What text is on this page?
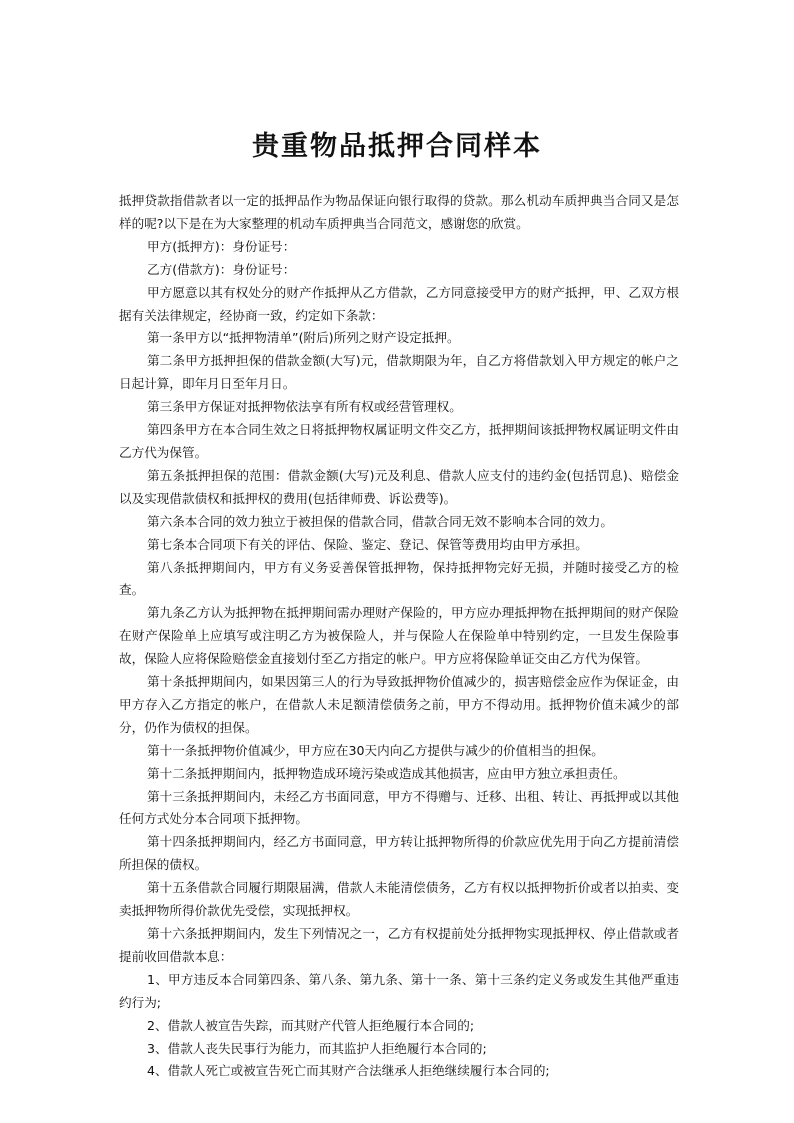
贵重物品抵押合同样本

抵押贷款指借款者以一定的抵押品作为物品保证向银行取得的贷款。那么机动车质押典当合同又是怎样的呢?以下是在为大家整理的机动车质押典当合同范文，感谢您的欣赏。

甲方(抵押方)：身份证号：

乙方(借款方)：身份证号：

甲方愿意以其有权处分的财产作抵押从乙方借款，乙方同意接受甲方的财产抵押，甲、乙双方根据有关法律规定，经协商一致，约定如下条款：

第一条甲方以“抵押物清单”(附后)所列之财产设定抵押。

第二条甲方抵押担保的借款金额(大写)元，借款期限为年，自乙方将借款划入甲方规定的帐户之日起计算，即年月日至年月日。

第三条甲方保证对抵押物依法享有所有权或经营管理权。

第四条甲方在本合同生效之日将抵押物权属证明文件交乙方，抵押期间该抵押物权属证明文件由乙方代为保管。

第五条抵押担保的范围：借款金额(大写)元及利息、借款人应支付的违约金(包括罚息)、赔偿金以及实现借款债权和抵押权的费用(包括律师费、诉讼费等)。

第六条本合同的效力独立于被担保的借款合同，借款合同无效不影响本合同的效力。

第七条本合同项下有关的评估、保险、鉴定、登记、保管等费用均由甲方承担。

第八条抵押期间内，甲方有义务妥善保管抵押物，保持抵押物完好无损，并随时接受乙方的检查。

第九条乙方认为抵押物在抵押期间需办理财产保险的，甲方应办理抵押物在抵押期间的财产保险在财产保险单上应填写或注明乙方为被保险人，并与保险人在保险单中特别约定，一旦发生保险事故，保险人应将保险赔偿金直接划付至乙方指定的帐户。甲方应将保险单证交由乙方代为保管。

第十条抵押期间内，如果因第三人的行为导致抵押物价值减少的，损害赔偿金应作为保证金，由甲方存入乙方指定的帐户，在借款人未足额清偿债务之前，甲方不得动用。抵押物价值未减少的部分，仍作为债权的担保。

第十一条抵押物价值减少，甲方应在30天内向乙方提供与减少的价值相当的担保。

第十二条抵押期间内，抵押物造成环境污染或造成其他损害，应由甲方独立承担责任。

第十三条抵押期间内，未经乙方书面同意，甲方不得赠与、迁移、出租、转让、再抵押或以其他任何方式处分本合同项下抵押物。

第十四条抵押期间内，经乙方书面同意，甲方转让抵押物所得的价款应优先用于向乙方提前清偿所担保的债权。

第十五条借款合同履行期限届满，借款人未能清偿债务，乙方有权以抵押物折价或者以拍卖、变卖抵押物所得价款优先受偿，实现抵押权。

第十六条抵押期间内，发生下列情况之一，乙方有权提前处分抵押物实现抵押权、停止借款或者提前收回借款本息：

1、甲方违反本合同第四条、第八条、第九条、第十一条、第十三条约定义务或发生其他严重违约行为;

2、借款人被宣告失踪，而其财产代管人拒绝履行本合同的;

3、借款人丧失民事行为能力，而其监护人拒绝履行本合同的;

4、借款人死亡或被宣告死亡而其财产合法继承人拒绝继续履行本合同的;
